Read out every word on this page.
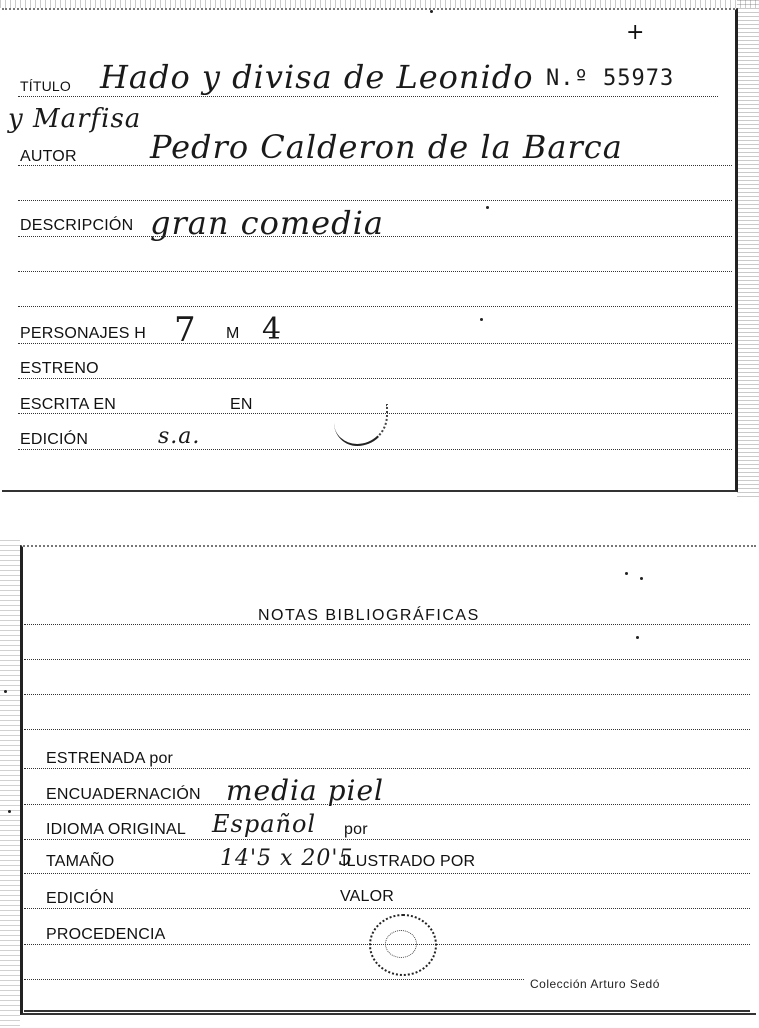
+
TÍTULO Hado y divisa de Leonido N.º 55973
y Marfisa
AUTOR Pedro Calderon de la Barca
DESCRIPCIÓN gran comedia
PERSONAJES H 7 M 4
ESTRENO
ESCRITA EN	EN
EDICIÓN	s.a.
NOTAS BIBLIOGRÁFICAS
ESTRENADA por
ENCUADERNACIÓN media piel
IDIOMA ORIGINAL Español por
TAMAÑO	14'5 x 20'5
ILUSTRADO POR
EDICIÓN	VALOR
PROCEDENCIA
Colección Arturo Sedó
